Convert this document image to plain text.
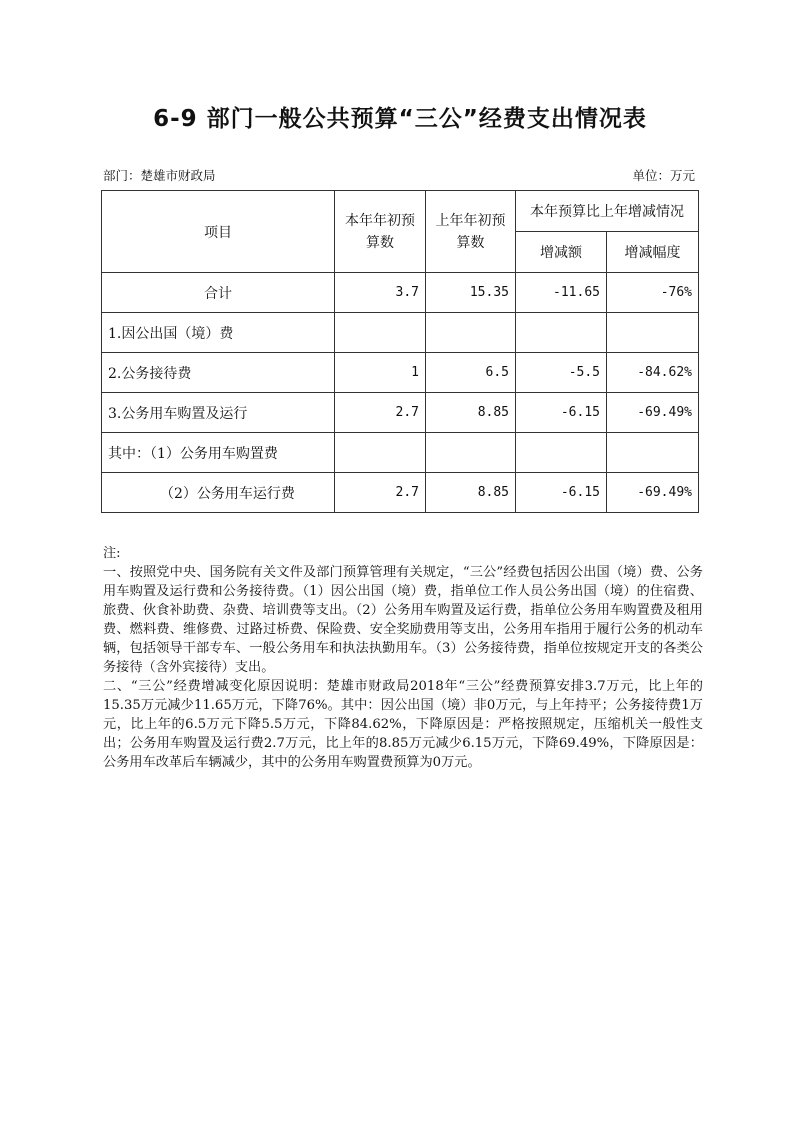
6-9 部门一般公共预算“三公”经费支出情况表
部门：楚雄市财政局	单位：万元
项目	本年年初预算数	上年年初预算数	本年预算比上年增减情况	
			增减额	增减幅度
合计	3.7	15.35	-11.65	-76%
1.因公出国（境）费				
2.公务接待费	1	6.5	-5.5	-84.62%
3.公务用车购置及运行	2.7	8.85	-6.15	-69.49%
其中：（1）公务用车购置费				
（2）公务用车运行费	2.7	8.85	-6.15	-69.49%

注:

一、按照党中央、国务院有关文件及部门预算管理有关规定，“三公”经费包括因公出国（境）费、公务用车购置及运行费和公务接待费。（1）因公出国（境）费，指单位工作人员公务出国（境）的住宿费、旅费、伙食补助费、杂费、培训费等支出。（2）公务用车购置及运行费，指单位公务用车购置费及租用费、燃料费、维修费、过路过桥费、保险费、安全奖励费用等支出，公务用车指用于履行公务的机动车辆，包括领导干部专车、一般公务用车和执法执勤用车。（3）公务接待费，指单位按规定开支的各类公务接待（含外宾接待）支出。

二、“三公”经费增减变化原因说明：楚雄市财政局2018年“三公”经费预算安排3.7万元，比上年的15.35万元减少11.65万元，下降76%。其中：因公出国（境）非0万元，与上年持平；公务接待费1万元，比上年的6.5万元下降5.5万元，下降84.62%，下降原因是：严格按照规定，压缩机关一般性支出；公务用车购置及运行费2.7万元，比上年的8.85万元减少6.15万元，下降69.49%，下降原因是：公务用车改革后车辆减少，其中的公务用车购置费预算为0万元。
